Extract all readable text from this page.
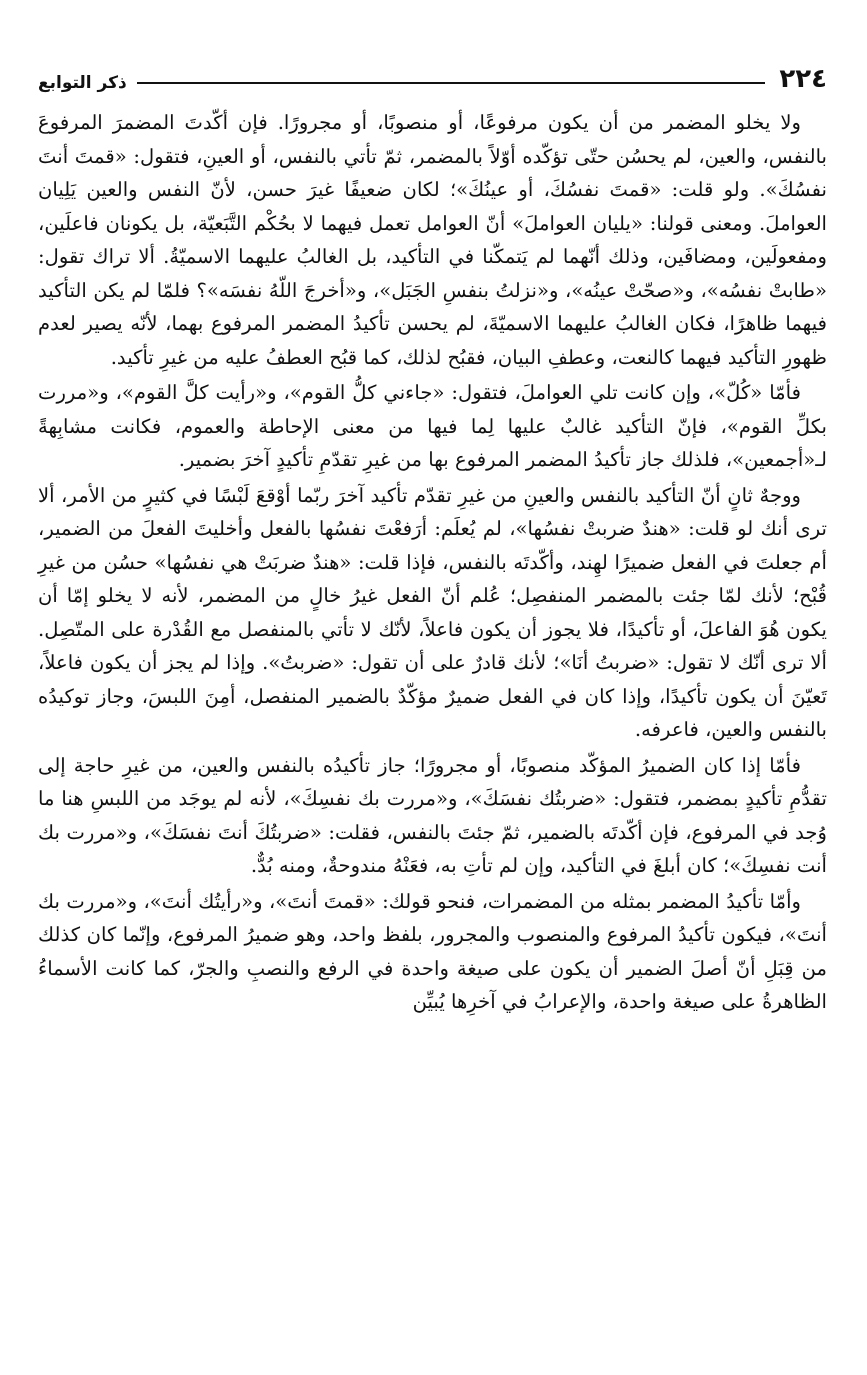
٢٢٤
ذكر التوابع

ولا يخلو المضمر من أن يكون مرفوعًا، أو منصوبًا، أو مجرورًا. فإن أكّدتَ المضمرَ المرفوعَ بالنفس، والعين، لم يحسُن حتّى تؤكّده أوّلاً بالمضمر، ثمّ تأتي بالنفس، أو العينِ، فتقول: «قمتَ أنتَ نفسُكَ». ولو قلت: «قمتَ نفسُكَ، أو عينُكَ»؛ لكان ضعيفًا غيرَ حسن، لأنّ النفس والعين يَلِيان العواملَ. ومعنى قولنا: «يليان العواملَ» أنّ العوامل تعمل فيهما لا بحُكْم التَّبَعيّة، بل يكونان فاعلَين، ومفعولَين، ومضافَين، وذلك أنّهما لم يَتمكّنا في التأكيد، بل الغالبُ عليهما الاسميّةُ. ألا تراك تقول: «طابتْ نفسُه»، و«صحّتْ عينُه»، و«نزلتُ بنفسِ الجَبَل»، و«أخرجَ اللّهُ نفسَه»؟ فلمّا لم يكن التأكيد فيهما ظاهرًا، فكان الغالبُ عليهما الاسميّةَ، لم يحسن تأكيدُ المضمر المرفوع بهما، لأنّه يصير لعدم ظهورِ التأكيد فيهما كالنعت، وعطفِ البيان، فقبُح لذلك، كما قبُح العطفُ عليه من غيرِ تأكيد.

فأمّا «كُلّ»، وإن كانت تلي العواملَ، فتقول: «جاءني كلُّ القوم»، و«رأيت كلَّ القوم»، و«مررت بكلِّ القوم»، فإنّ التأكيد غالبٌ عليها لِما فيها من معنى الإحاطة والعموم، فكانت مشابِهةً لـ«أجمعين»، فلذلك جاز تأكيدُ المضمر المرفوع بها من غيرِ تقدّمِ تأكيدٍ آخرَ بضمير.

ووجهٌ ثانٍ أنّ التأكيد بالنفس والعينِ من غيرِ تقدّم تأكيد آخرَ ربّما أوْقعَ لَبْسًا في كثيرٍ من الأمر، ألا ترى أنك لو قلت: «هندٌ ضربتْ نفسُها»، لم يُعلَم: أرَفعْتَ نفسُها بالفعل وأخليتَ الفعلَ من الضمير، أم جعلتَ في الفعل ضميرًا لهِند، وأكّدتَه بالنفس، فإذا قلت: «هندٌ ضربَتْ هي نفسُها» حسُن من غيرِ قُبْح؛ لأنك لمّا جئت بالمضمر المنفصِل؛ عُلم أنّ الفعل غيرُ خالٍ من المضمر، لأنه لا يخلو إمّا أن يكون هُوَ الفاعلَ، أو تأكيدًا، فلا يجوز أن يكون فاعلاً، لأنّك لا تأتي بالمنفصل مع القُدْرة على المتّصِل. ألا ترى أنّك لا تقول: «ضربتُ أنَا»؛ لأنك قادرٌ على أن تقول: «ضربتُ». وإذا لم يجز أن يكون فاعلاً، تَعيّنَ أن يكون تأكيدًا، وإذا كان في الفعل ضميرٌ مؤكّدٌ بالضمير المنفصل، أمِنَ اللبسَ، وجاز توكيدُه بالنفس والعين، فاعرفه.

فأمّا إذا كان الضميرُ المؤكّد منصوبًا، أو مجرورًا؛ جاز تأكيدُه بالنفس والعين، من غيرِ حاجة إلى تقدُّمِ تأكيدٍ بمضمر، فتقول: «ضربتُك نفسَكَ»، و«مررت بك نفسِكَ»، لأنه لم يوجَد من اللبسِ هنا ما وُجد في المرفوع، فإن أكّدتَه بالضمير، ثمّ جئتَ بالنفس، فقلت: «ضربتُكَ أنتَ نفسَكَ»، و«مررت بك أنت نفسِكَ»؛ كان أبلغَ في التأكيد، وإن لم تأتِ به، فعَنْهُ مندوحةٌ، ومنه بُدٌّ.

وأمّا تأكيدُ المضمر بمثله من المضمرات، فنحو قولك: «قمتَ أنتَ»، و«رأيتُك أنتَ»، و«مررت بك أنتَ»، فيكون تأكيدُ المرفوع والمنصوب والمجرور، بلفظ واحد، وهو ضميرُ المرفوع، وإنّما كان كذلك من قِبَلِ أنّ أصلَ الضمير أن يكون على صيغة واحدة في الرفع والنصبِ والجرّ، كما كانت الأسماءُ الظاهرةُ على صيغة واحدة، والإعرابُ في آخرِها يُبيِّن
